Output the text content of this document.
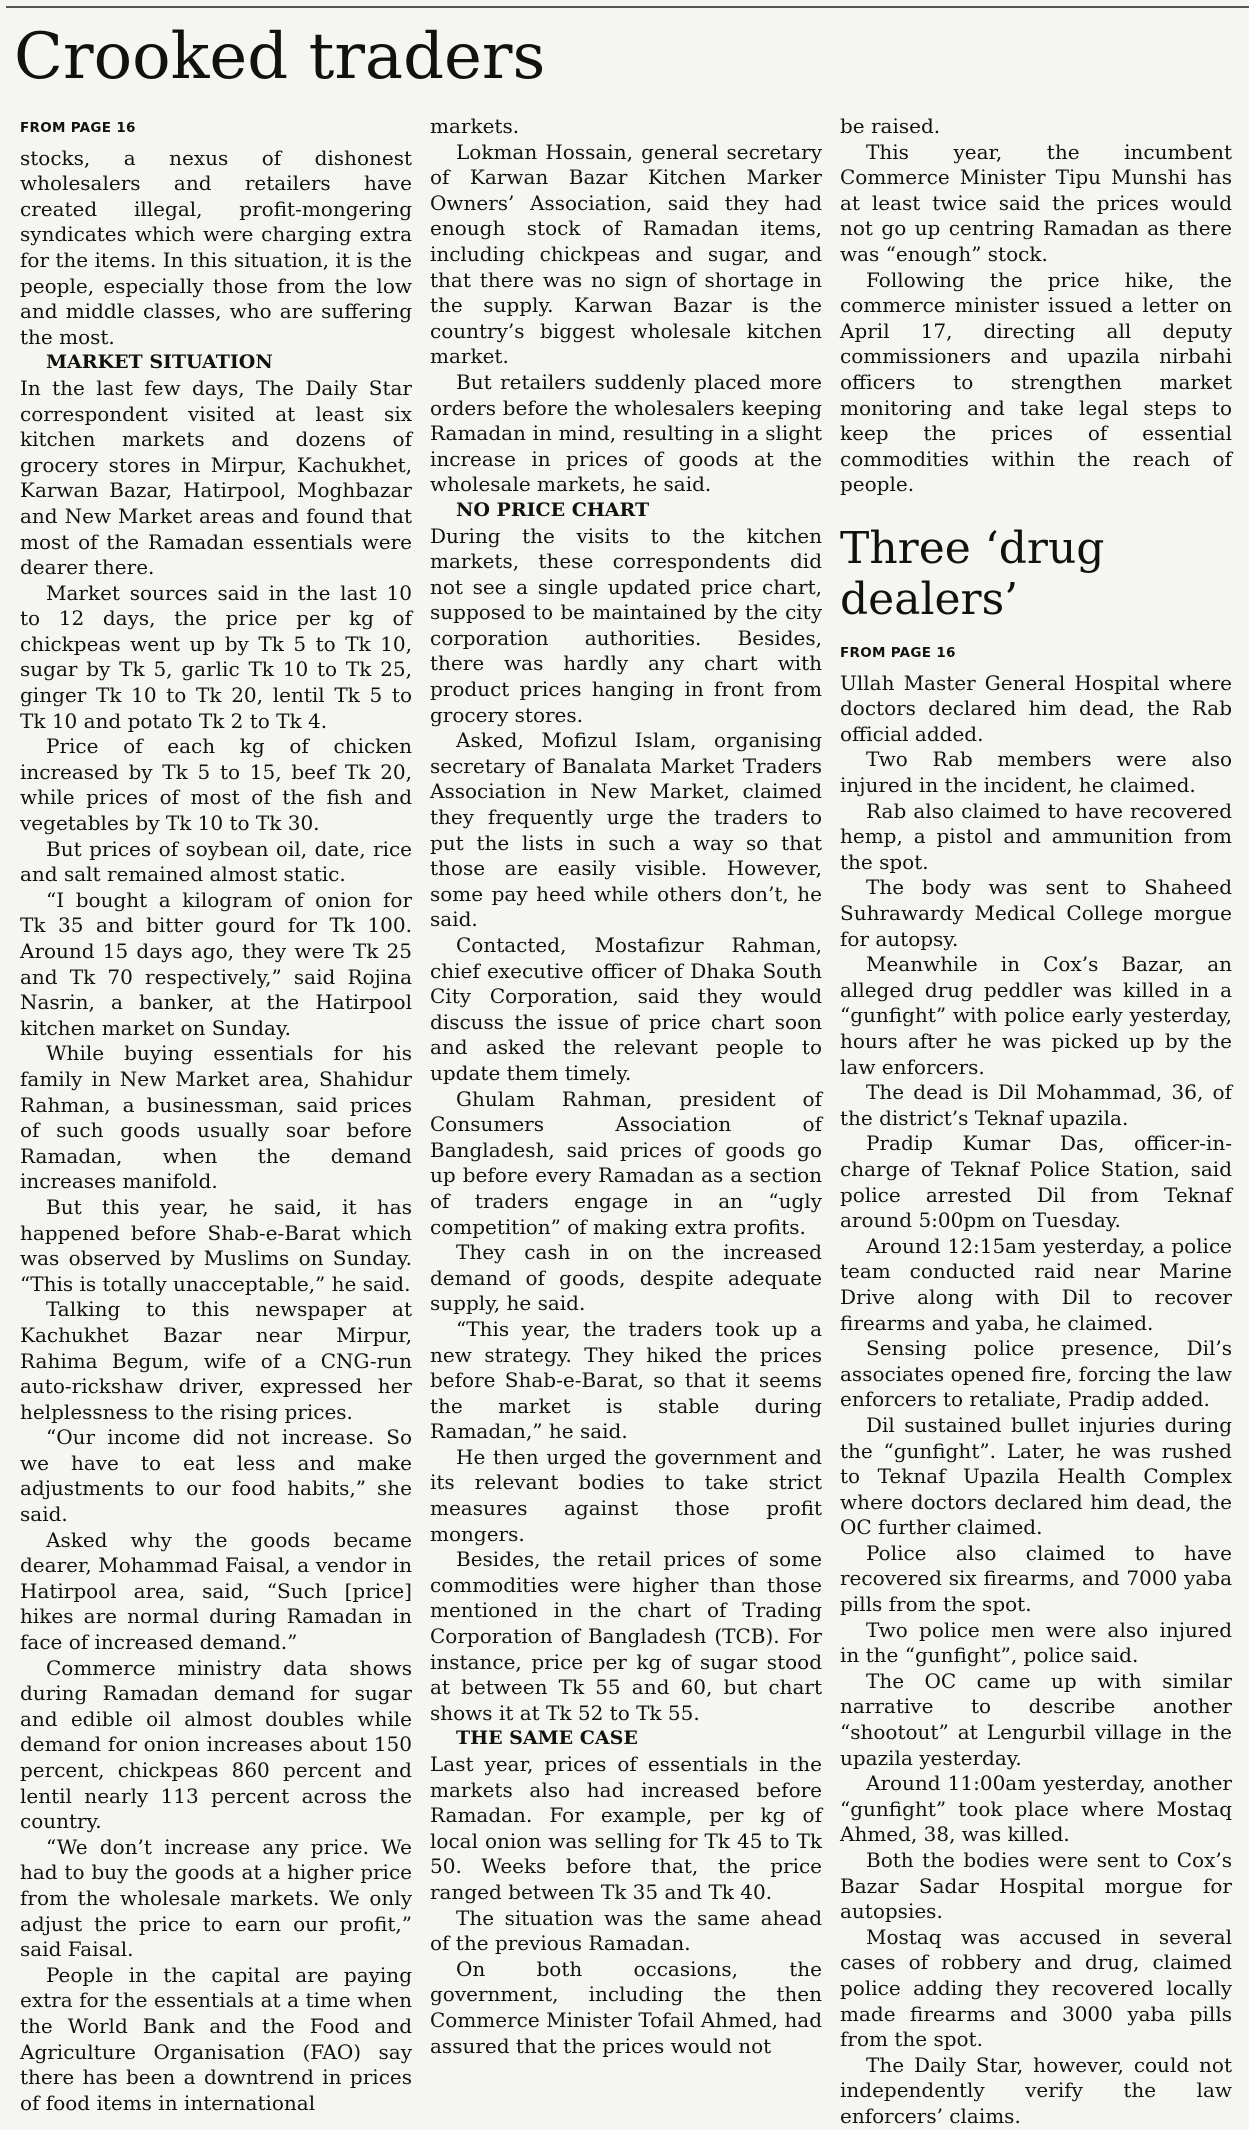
Crooked traders
FROM PAGE 16

stocks, a nexus of dishonest wholesalers and retailers have created illegal, profit-mongering syndicates which were charging extra for the items. In this situation, it is the people, especially those from the low and middle classes, who are suffering the most.

MARKET SITUATION

In the last few days, The Daily Star correspondent visited at least six kitchen markets and dozens of grocery stores in Mirpur, Kachukhet, Karwan Bazar, Hatirpool, Moghbazar and New Market areas and found that most of the Ramadan essentials were dearer there.

Market sources said in the last 10 to 12 days, the price per kg of chickpeas went up by Tk 5 to Tk 10, sugar by Tk 5, garlic Tk 10 to Tk 25, ginger Tk 10 to Tk 20, lentil Tk 5 to Tk 10 and potato Tk 2 to Tk 4.

Price of each kg of chicken increased by Tk 5 to 15, beef Tk 20, while prices of most of the fish and vegetables by Tk 10 to Tk 30.

But prices of soybean oil, date, rice and salt remained almost static.

“I bought a kilogram of onion for Tk 35 and bitter gourd for Tk 100. Around 15 days ago, they were Tk 25 and Tk 70 respectively,” said Rojina Nasrin, a banker, at the Hatirpool kitchen market on Sunday.

While buying essentials for his family in New Market area, Shahidur Rahman, a businessman, said prices of such goods usually soar before Ramadan, when the demand increases manifold.

But this year, he said, it has happened before Shab-e-Barat which was observed by Muslims on Sunday. “This is totally unacceptable,” he said.

Talking to this newspaper at Kachukhet Bazar near Mirpur, Rahima Begum, wife of a CNG-run auto-rickshaw driver, expressed her helplessness to the rising prices.

“Our income did not increase. So we have to eat less and make adjustments to our food habits,” she said.

Asked why the goods became dearer, Mohammad Faisal, a vendor in Hatirpool area, said, “Such [price] hikes are normal during Ramadan in face of increased demand.”

Commerce ministry data shows during Ramadan demand for sugar and edible oil almost doubles while demand for onion increases about 150 percent, chickpeas 860 percent and lentil nearly 113 percent across the country.

“We don’t increase any price. We had to buy the goods at a higher price from the wholesale markets. We only adjust the price to earn our profit,” said Faisal.

People in the capital are paying extra for the essentials at a time when the World Bank and the Food and Agriculture Organisation (FAO) say there has been a downtrend in prices of food items in international

markets.

Lokman Hossain, general secretary of Karwan Bazar Kitchen Marker Owners’ Association, said they had enough stock of Ramadan items, including chickpeas and sugar, and that there was no sign of shortage in the supply. Karwan Bazar is the country’s biggest wholesale kitchen market.

But retailers suddenly placed more orders before the wholesalers keeping Ramadan in mind, resulting in a slight increase in prices of goods at the wholesale markets, he said.

NO PRICE CHART

During the visits to the kitchen markets, these correspondents did not see a single updated price chart, supposed to be maintained by the city corporation authorities. Besides, there was hardly any chart with product prices hanging in front from grocery stores.

Asked, Mofizul Islam, organising secretary of Banalata Market Traders Association in New Market, claimed they frequently urge the traders to put the lists in such a way so that those are easily visible. However, some pay heed while others don’t, he said.

Contacted, Mostafizur Rahman, chief executive officer of Dhaka South City Corporation, said they would discuss the issue of price chart soon and asked the relevant people to update them timely.

Ghulam Rahman, president of Consumers Association of Bangladesh, said prices of goods go up before every Ramadan as a section of traders engage in an “ugly competition” of making extra profits.

They cash in on the increased demand of goods, despite adequate supply, he said.

“This year, the traders took up a new strategy. They hiked the prices before Shab-e-Barat, so that it seems the market is stable during Ramadan,” he said.

He then urged the government and its relevant bodies to take strict measures against those profit mongers.

Besides, the retail prices of some commodities were higher than those mentioned in the chart of Trading Corporation of Bangladesh (TCB). For instance, price per kg of sugar stood at between Tk 55 and 60, but chart shows it at Tk 52 to Tk 55.

THE SAME CASE

Last year, prices of essentials in the markets also had increased before Ramadan. For example, per kg of local onion was selling for Tk 45 to Tk 50. Weeks before that, the price ranged between Tk 35 and Tk 40.

The situation was the same ahead of the previous Ramadan.

On both occasions, the government, including the then Commerce Minister Tofail Ahmed, had assured that the prices would not

be raised.

This year, the incumbent Commerce Minister Tipu Munshi has at least twice said the prices would not go up centring Ramadan as there was “enough” stock.

Following the price hike, the commerce minister issued a letter on April 17, directing all deputy commissioners and upazila nirbahi officers to strengthen market monitoring and take legal steps to keep the prices of essential commodities within the reach of people.

Three ‘drug dealers’
FROM PAGE 16

Ullah Master General Hospital where doctors declared him dead, the Rab official added.

Two Rab members were also injured in the incident, he claimed.

Rab also claimed to have recovered hemp, a pistol and ammunition from the spot.

The body was sent to Shaheed Suhrawardy Medical College morgue for autopsy.

Meanwhile in Cox’s Bazar, an alleged drug peddler was killed in a “gunfight” with police early yesterday, hours after he was picked up by the law enforcers.

The dead is Dil Mohammad, 36, of the district’s Teknaf upazila.

Pradip Kumar Das, officer-in-charge of Teknaf Police Station, said police arrested Dil from Teknaf around 5:00pm on Tuesday.

Around 12:15am yesterday, a police team conducted raid near Marine Drive along with Dil to recover firearms and yaba, he claimed.

Sensing police presence, Dil’s associates opened fire, forcing the law enforcers to retaliate, Pradip added.

Dil sustained bullet injuries during the “gunfight”. Later, he was rushed to Teknaf Upazila Health Complex where doctors declared him dead, the OC further claimed.

Police also claimed to have recovered six firearms, and 7000 yaba pills from the spot.

Two police men were also injured in the “gunfight”, police said.

The OC came up with similar narrative to describe another “shootout” at Lengurbil village in the upazila yesterday.

Around 11:00am yesterday, another “gunfight” took place where Mostaq Ahmed, 38, was killed.

Both the bodies were sent to Cox’s Bazar Sadar Hospital morgue for autopsies.

Mostaq was accused in several cases of robbery and drug, claimed police adding they recovered locally made firearms and 3000 yaba pills from the spot.

The Daily Star, however, could not independently verify the law enforcers’ claims.
